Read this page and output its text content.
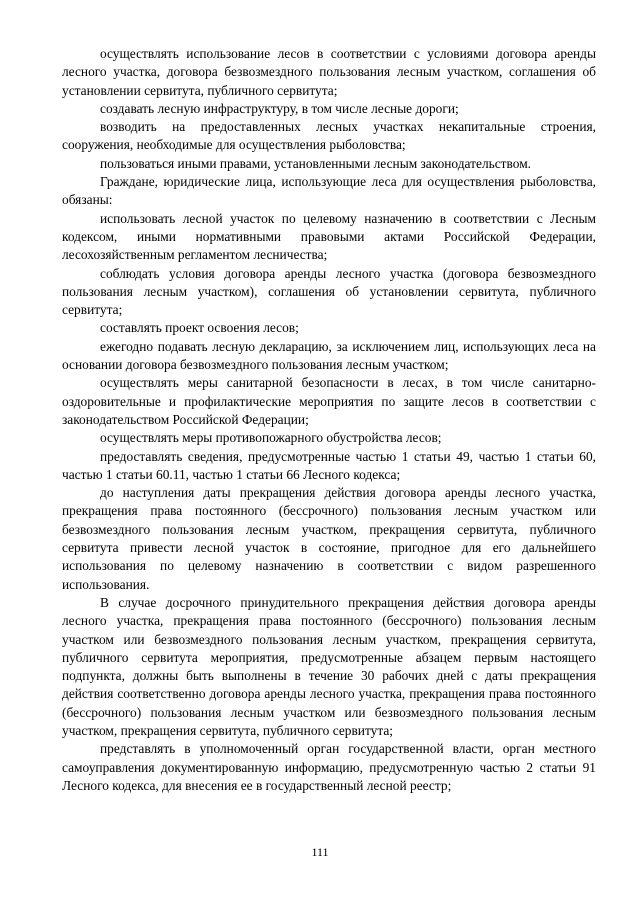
осуществлять использование лесов в соответствии с условиями договора аренды лесного участка, договора безвозмездного пользования лесным участком, соглашения об установлении сервитута, публичного сервитута;

создавать лесную инфраструктуру, в том числе лесные дороги;

возводить на предоставленных лесных участках некапитальные строения, сооружения, необходимые для осуществления рыболовства;

пользоваться иными правами, установленными лесным законодательством.

Граждане, юридические лица, использующие леса для осуществления рыболовства, обязаны:

использовать лесной участок по целевому назначению в соответствии с Лесным кодексом, иными нормативными правовыми актами Российской Федерации, лесохозяйственным регламентом лесничества;

соблюдать условия договора аренды лесного участка (договора безвозмездного пользования лесным участком), соглашения об установлении сервитута, публичного сервитута;

составлять проект освоения лесов;

ежегодно подавать лесную декларацию, за исключением лиц, использующих леса на основании договора безвозмездного пользования лесным участком;

осуществлять меры санитарной безопасности в лесах, в том числе санитарно-оздоровительные и профилактические мероприятия по защите лесов в соответствии с законодательством Российской Федерации;

осуществлять меры противопожарного обустройства лесов;

предоставлять сведения, предусмотренные частью 1 статьи 49, частью 1 статьи 60, частью 1 статьи 60.11, частью 1 статьи 66 Лесного кодекса;

до наступления даты прекращения действия договора аренды лесного участка, прекращения права постоянного (бессрочного) пользования лесным участком или безвозмездного пользования лесным участком, прекращения сервитута, публичного сервитута привести лесной участок в состояние, пригодное для его дальнейшего использования по целевому назначению в соответствии с видом разрешенного использования.

В случае досрочного принудительного прекращения действия договора аренды лесного участка, прекращения права постоянного (бессрочного) пользования лесным участком или безвозмездного пользования лесным участком, прекращения сервитута, публичного сервитута мероприятия, предусмотренные абзацем первым настоящего подпункта, должны быть выполнены в течение 30 рабочих дней с даты прекращения действия соответственно договора аренды лесного участка, прекращения права постоянного (бессрочного) пользования лесным участком или безвозмездного пользования лесным участком, прекращения сервитута, публичного сервитута;

представлять в уполномоченный орган государственной власти, орган местного самоуправления документированную информацию, предусмотренную частью 2 статьи 91 Лесного кодекса, для внесения ее в государственный лесной реестр;

111
